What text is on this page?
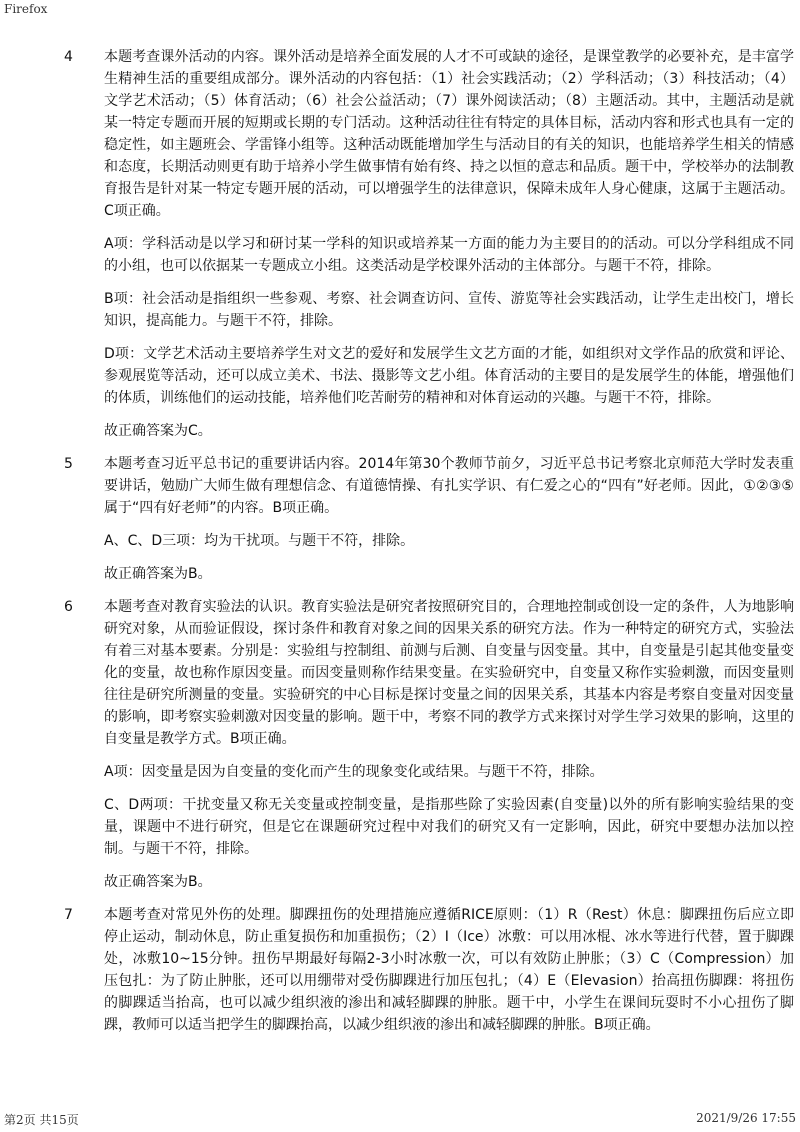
Firefox
4	本题考查课外活动的内容。课外活动是培养全面发展的人才不可或缺的途径，是课堂教学的必要补充，是丰富学生精神生活的重要组成部分。课外活动的内容包括：（1）社会实践活动；（2）学科活动；（3）科技活动；（4）文学艺术活动；（5）体育活动；（6）社会公益活动；（7）课外阅读活动；（8）主题活动。其中，主题活动是就某一特定专题而开展的短期或长期的专门活动。这种活动往往有特定的具体目标，活动内容和形式也具有一定的稳定性，如主题班会、学雷锋小组等。这种活动既能增加学生与活动目的有关的知识，也能培养学生相关的情感和态度，长期活动则更有助于培养小学生做事情有始有终、持之以恒的意志和品质。题干中，学校举办的法制教育报告是针对某一特定专题开展的活动，可以增强学生的法律意识，保障未成年人身心健康，这属于主题活动。C项正确。

A项：学科活动是以学习和研讨某一学科的知识或培养某一方面的能力为主要目的的活动。可以分学科组成不同的小组，也可以依据某一专题成立小组。这类活动是学校课外活动的主体部分。与题干不符，排除。

B项：社会活动是指组织一些参观、考察、社会调查访问、宣传、游览等社会实践活动，让学生走出校门，增长知识，提高能力。与题干不符，排除。

D项：文学艺术活动主要培养学生对文艺的爱好和发展学生文艺方面的才能，如组织对文学作品的欣赏和评论、参观展览等活动，还可以成立美术、书法、摄影等文艺小组。体育活动的主要目的是发展学生的体能，增强他们的体质，训练他们的运动技能，培养他们吃苦耐劳的精神和对体育运动的兴趣。与题干不符，排除。

故正确答案为C。

5	本题考查习近平总书记的重要讲话内容。2014年第30个教师节前夕，习近平总书记考察北京师范大学时发表重要讲话，勉励广大师生做有理想信念、有道德情操、有扎实学识、有仁爱之心的“四有”好老师。因此，①②③⑤属于“四有好老师”的内容。B项正确。

A、C、D三项：均为干扰项。与题干不符，排除。

故正确答案为B。

6	本题考查对教育实验法的认识。教育实验法是研究者按照研究目的，合理地控制或创设一定的条件，人为地影响研究对象，从而验证假设，探讨条件和教育对象之间的因果关系的研究方法。作为一种特定的研究方式，实验法有着三对基本要素。分别是：实验组与控制组、前测与后测、自变量与因变量。其中，自变量是引起其他变量变化的变量，故也称作原因变量。而因变量则称作结果变量。在实验研究中，自变量又称作实验刺激，而因变量则往往是研究所测量的变量。实验研究的中心目标是探讨变量之间的因果关系，其基本内容是考察自变量对因变量的影响，即考察实验刺激对因变量的影响。题干中，考察不同的教学方式来探讨对学生学习效果的影响，这里的自变量是教学方式。B项正确。

A项：因变量是因为自变量的变化而产生的现象变化或结果。与题干不符，排除。

C、D两项：干扰变量又称无关变量或控制变量，是指那些除了实验因素(自变量)以外的所有影响实验结果的变量，课题中不进行研究，但是它在课题研究过程中对我们的研究又有一定影响，因此，研究中要想办法加以控制。与题干不符，排除。

故正确答案为B。

7	本题考查对常见外伤的处理。脚踝扭伤的处理措施应遵循RICE原则：（1）R（Rest）休息：脚踝扭伤后应立即停止运动，制动休息，防止重复损伤和加重损伤；（2）I（Ice）冰敷：可以用冰棍、冰水等进行代替，置于脚踝处，冰敷10~15分钟。扭伤早期最好每隔2-3小时冰敷一次，可以有效防止肿胀；（3）C（Compression）加压包扎：为了防止肿胀，还可以用绷带对受伤脚踝进行加压包扎；（4）E（Elevasion）抬高扭伤脚踝：将扭伤的脚踝适当抬高，也可以减少组织液的渗出和减轻脚踝的肿胀。题干中，小学生在课间玩耍时不小心扭伤了脚踝，教师可以适当把学生的脚踝抬高，以减少组织液的渗出和减轻脚踝的肿胀。B项正确。

第2页 共15页	2021/9/26 17:55
